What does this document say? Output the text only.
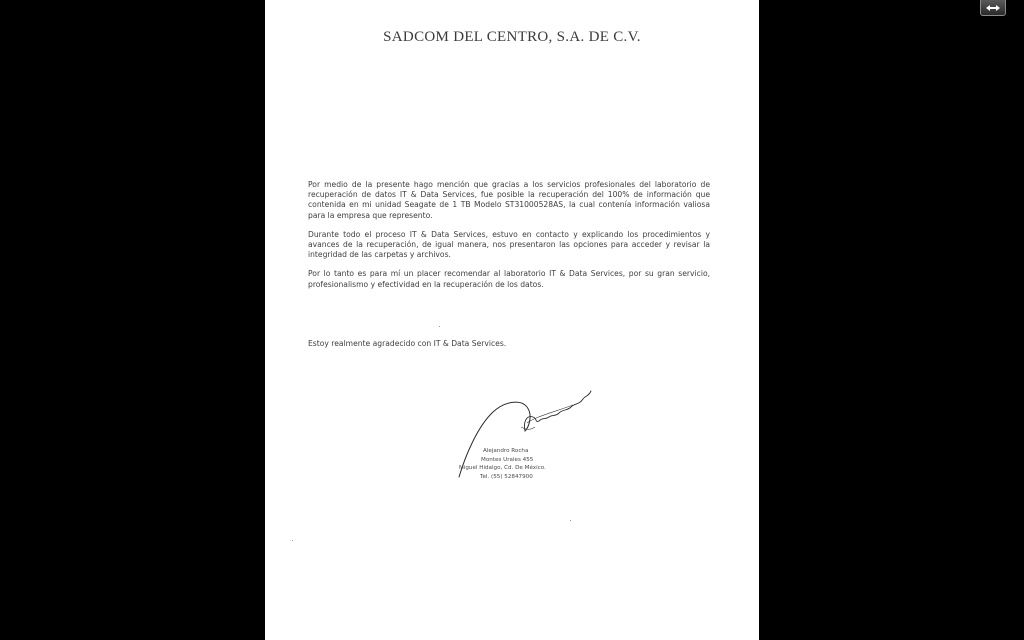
SADCOM DEL CENTRO, S.A. DE C.V.

Por medio de la presente hago mención que gracias a los servicios profesionales del laboratorio de recuperación de datos IT & Data Services, fue posible la recuperación del 100% de información que contenida en mi unidad Seagate de 1 TB Modelo ST31000528AS, la cual contenía información valiosa para la empresa que represento.

Durante todo el proceso IT & Data Services, estuvo en contacto y explicando los procedimientos y avances de la recuperación, de igual manera, nos presentaron las opciones para acceder y revisar la integridad de las carpetas y archivos.

Por lo tanto es para mí un placer recomendar al laboratorio IT & Data Services, por su gran servicio, profesionalismo y efectividad en la recuperación de los datos.

Estoy realmente agradecido con IT & Data Services.
Alejandro Rocha
Montes Urales 455
Miguel Hidalgo, Cd. De México.
Tel. (55) 52847900
